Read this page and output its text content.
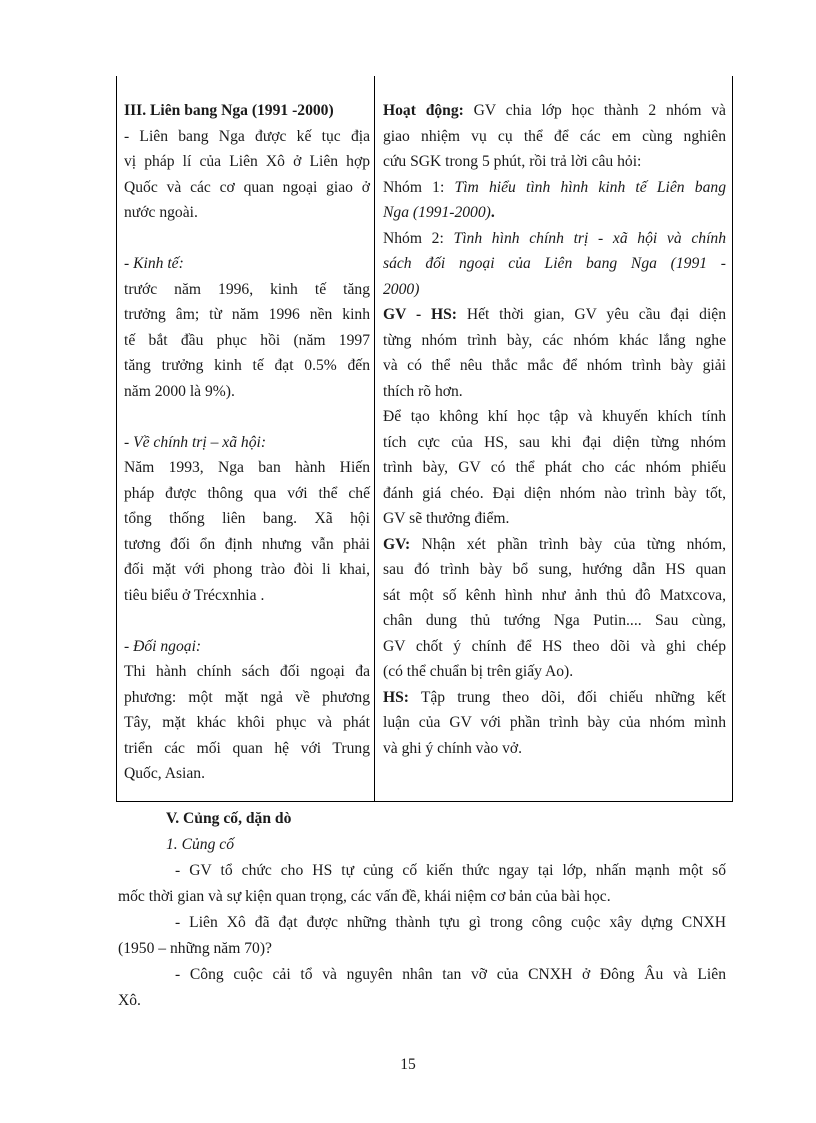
III. Liên bang Nga (1991 -2000)

- Liên bang Nga được kế tục địa

vị pháp lí của Liên Xô ở Liên hợp

Quốc và các cơ quan ngoại giao ở

nước ngoài.

- Kinh tế:

trước năm 1996, kinh tế tăng

trưởng âm; từ năm 1996 nền kinh

tế bắt đầu phục hồi (năm 1997

tăng trưởng kinh tế đạt 0.5% đến

năm 2000 là 9%).

- Về chính trị – xã hội:

Năm 1993, Nga ban hành Hiến

pháp được thông qua với thể chế

tổng thống liên bang. Xã hội

tương đối ổn định nhưng vẫn phải

đối mặt với phong trào đòi li khai,

tiêu biểu ở Trécxnhia .

- Đối ngoại:

Thi hành chính sách đối ngoại đa

phương: một mặt ngả về phương

Tây, mặt khác khôi phục và phát

triển các mối quan hệ với Trung

Quốc, Asian.

Hoạt động: GV chia lớp học thành 2 nhóm và

giao nhiệm vụ cụ thể để các em cùng nghiên

cứu SGK trong 5 phút, rồi trả lời câu hỏi:

Nhóm 1: Tìm hiểu tình hình kinh tế Liên bang

Nga (1991-2000).

Nhóm 2: Tình hình chính trị - xã hội và chính

sách đối ngoại của Liên bang Nga (1991 -

2000)

GV - HS: Hết thời gian, GV yêu cầu đại diện

từng nhóm trình bày, các nhóm khác lắng nghe

và có thể nêu thắc mắc để nhóm trình bày giải

thích rõ hơn.

Để tạo không khí học tập và khuyến khích tính

tích cực của HS, sau khi đại diện từng nhóm

trình bày, GV có thể phát cho các nhóm phiếu

đánh giá chéo. Đại diện nhóm nào trình bày tốt,

GV sẽ thưởng điểm.

GV: Nhận xét phần trình bày của từng nhóm,

sau đó trình bày bổ sung, hướng dẫn HS quan

sát một số kênh hình như ảnh thủ đô Matxcova,

chân dung thủ tướng Nga Putin.... Sau cùng,

GV chốt ý chính để HS theo dõi và ghi chép

(có thể chuẩn bị trên giấy Ao).

HS: Tập trung theo dõi, đối chiếu những kết

luận của GV với phần trình bày của nhóm mình

và ghi ý chính vào vở.

V. Củng cố, dặn dò

1. Củng cố

- GV tổ chức cho HS tự củng cố kiến thức ngay tại lớp, nhấn mạnh một số

mốc thời gian và sự kiện quan trọng, các vấn đề, khái niệm cơ bản của bài học.

- Liên Xô đã đạt được những thành tựu gì trong công cuộc xây dựng CNXH

(1950 – những năm 70)?

- Công cuộc cải tổ và nguyên nhân tan vỡ của CNXH ở Đông Âu và Liên

Xô.

15
